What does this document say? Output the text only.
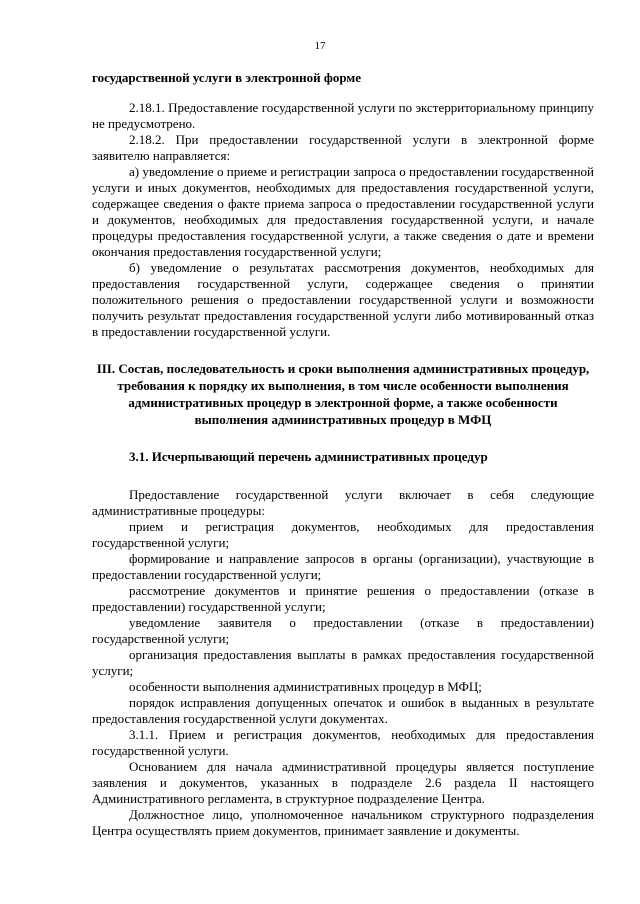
17

государственной услуги в электронной форме

2.18.1. Предоставление государственной услуги по экстерриториальному принципу не предусмотрено.

2.18.2. При предоставлении государственной услуги в электронной форме заявителю направляется:

а) уведомление о приеме и регистрации запроса о предоставлении государственной услуги и иных документов, необходимых для предоставления государственной услуги, содержащее сведения о факте приема запроса о предоставлении государственной услуги и документов, необходимых для предоставления государственной услуги, и начале процедуры предоставления государственной услуги, а также сведения о дате и времени окончания предоставления государственной услуги;

б) уведомление о результатах рассмотрения документов, необходимых для предоставления государственной услуги, содержащее сведения о принятии положительного решения о предоставлении государственной услуги и возможности получить результат предоставления государственной услуги либо мотивированный отказ в предоставлении государственной услуги.

III. Состав, последовательность и сроки выполнения административных процедур, требования к порядку их выполнения, в том числе особенности выполнения административных процедур в электронной форме, а также особенности выполнения административных процедур в МФЦ

3.1. Исчерпывающий перечень административных процедур

Предоставление государственной услуги включает в себя следующие административные процедуры:

прием и регистрация документов, необходимых для предоставления государственной услуги;

формирование и направление запросов в органы (организации), участвующие в предоставлении государственной услуги;

рассмотрение документов и принятие решения о предоставлении (отказе в предоставлении) государственной услуги;

уведомление заявителя о предоставлении (отказе в предоставлении) государственной услуги;

организация предоставления выплаты в рамках предоставления государственной услуги;

особенности выполнения административных процедур в МФЦ;

порядок исправления допущенных опечаток и ошибок в выданных в результате предоставления государственной услуги документах.

3.1.1. Прием и регистрация документов, необходимых для предоставления государственной услуги.

Основанием для начала административной процедуры является поступление заявления и документов, указанных в подразделе 2.6 раздела II настоящего Административного регламента, в структурное подразделение Центра.

Должностное лицо, уполномоченное начальником структурного подразделения Центра осуществлять прием документов, принимает заявление и документы.
